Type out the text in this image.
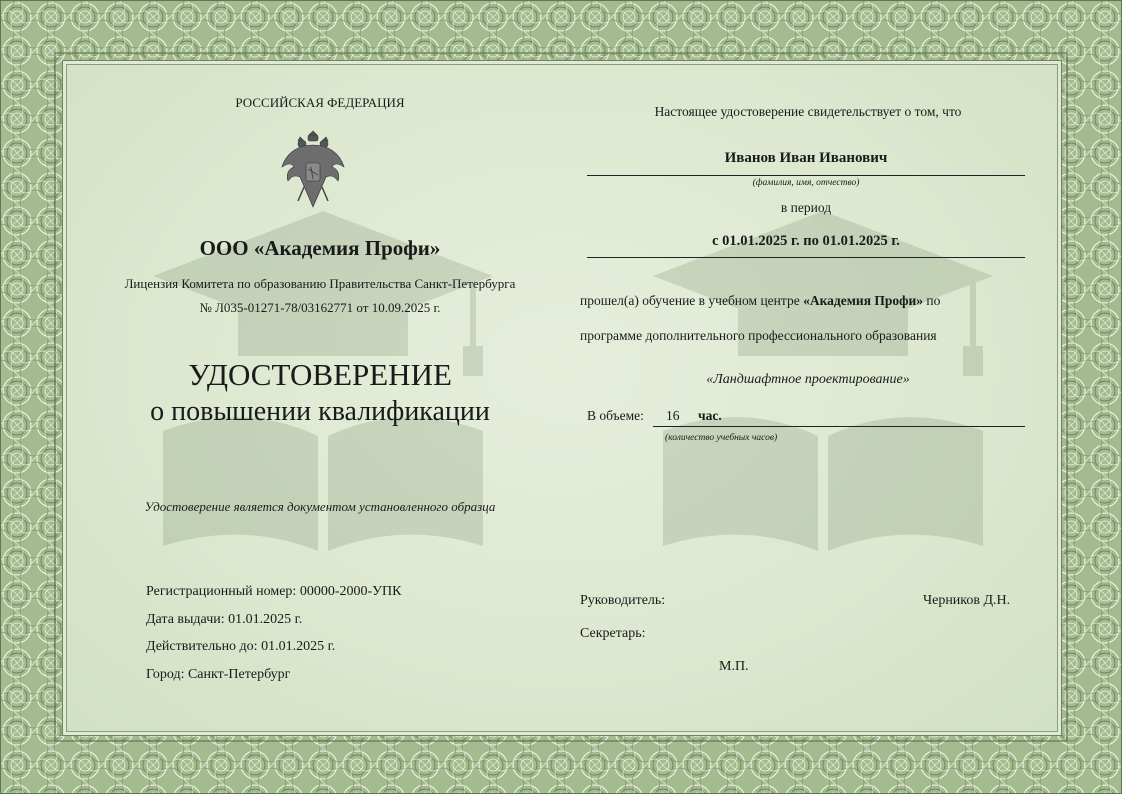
РОССИЙСКАЯ ФЕДЕРАЦИЯ
ООО «Академия Профи»
Лицензия Комитета по образованию Правительства Санкт-Петербурга
№ Л035-01271-78/03162771 от 10.09.2025 г.
УДОСТОВЕРЕНИЕ
о повышении квалификации
Удостоверение является документом установленного образца
Регистрационный номер: 00000-2000-УПК
Дата выдачи: 01.01.2025 г.
Действительно до: 01.01.2025 г.
Город: Санкт-Петербург
Настоящее удостоверение свидетельствует о том, что
Иванов Иван Иванович
(фамилия, имя, отчество)
в период
с 01.01.2025 г. по 01.01.2025 г.
прошел(а) обучение в учебном центре «Академия Профи» по
программе дополнительного профессионального образования
«Ландшафтное проектирование»
В объеме: 16 час.
(количество учебных часов)
Руководитель:	Черников Д.Н.
Секретарь:
М.П.
